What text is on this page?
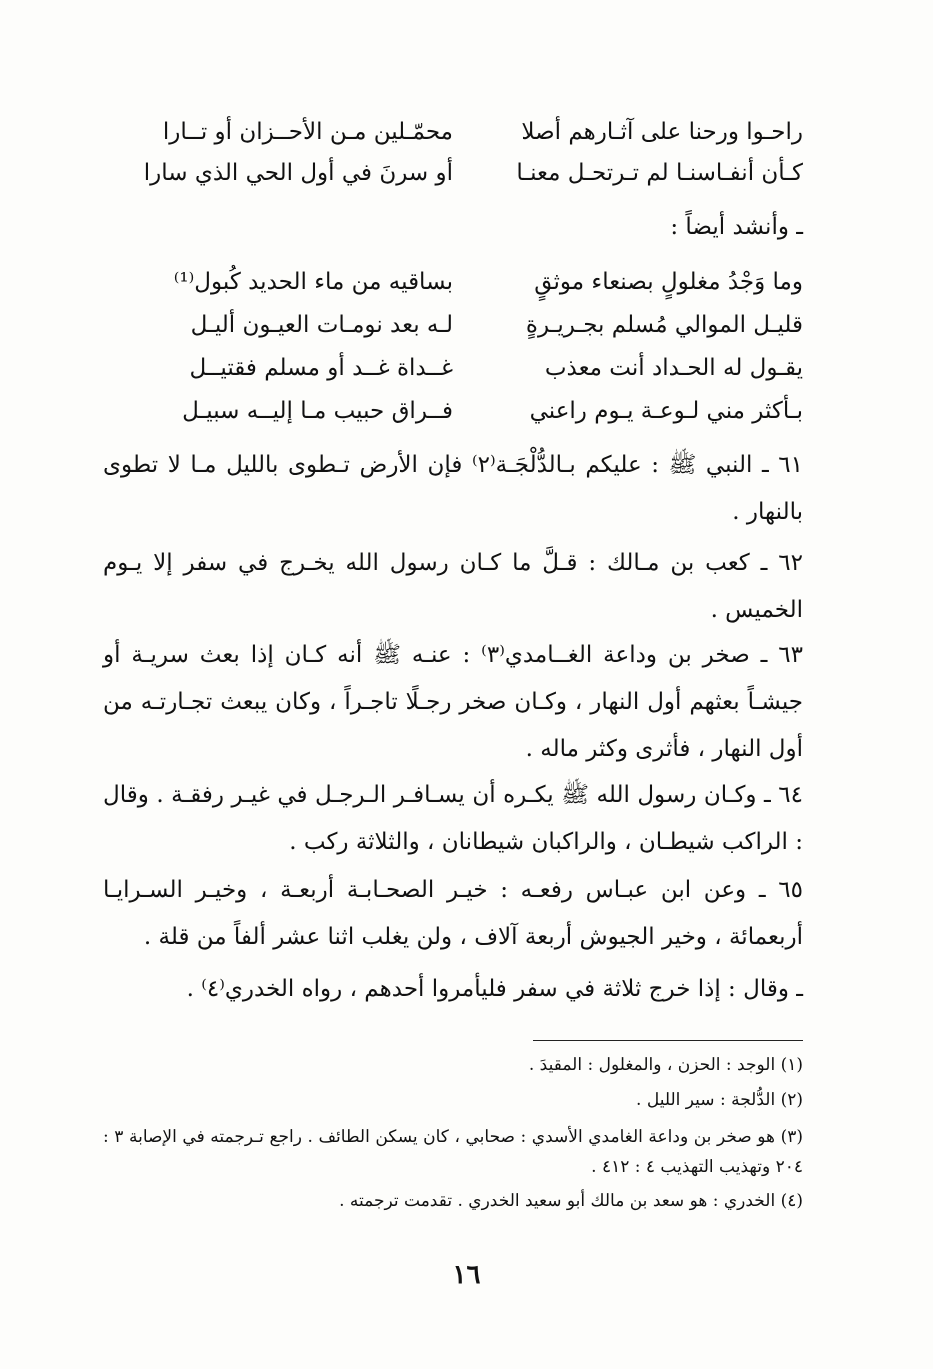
راحـوا ورحنا على آثـارهم أصلا
محمّـلين مـن الأحــزان أو تــارا
كـأن أنفـاسنـا لم تـرتحـل معنـا
أو سرنَ في أول الحي الذي سارا
ـ وأنشد أيضاً :
وما وَجْدُ مغلولٍ بصنعاء موثقٍ
بساقيه من ماء الحديد كُبول⁽¹⁾
قليـل الموالي مُسلم بجـريـرةٍ
لـه بعد نومـات العيـون أليـل
يقـول له الحـداد أنت معذب
غــداة غــد أو مسلم فقتيــل
بـأكثر مني لـوعـة يـوم راعني
فــراق حبيب مـا إليــه سبيـل
٦١ ـ النبي ﷺ : عليكم بـالدُّلْجَـة⁽٢⁾ فإن الأرض تـطوى بالليل مـا لا تطوى بالنهار .
٦٢ ـ كعب بن مـالك : قـلَّ ما كـان رسول الله يخـرج في سفر إلا يـوم الخميس .
٦٣ ـ صخر بن وداعة الغــامدي⁽٣⁾ : عنـه ﷺ أنه كـان إذا بعث سريـة أو جيشـاً بعثهم أول النهار ، وكـان صخر رجـلًا تاجـراً ، وكان يبعث تجـارتـه من أول النهار ، فأثرى وكثر ماله .
٦٤ ـ وكـان رسول الله ﷺ يكـره أن يسـافـر الـرجـل في غيـر رفقـة . وقال : الراكب شيطـان ، والراكبان شيطانان ، والثلاثة ركب .
٦٥ ـ وعن ابن عبـاس رفعـه : خيـر الصحـابـة أربعـة ، وخيـر السـرايـا أربعمائة ، وخير الجيوش أربعة آلاف ، ولن يغلب اثنا عشر ألفاً من قلة .
ـ وقال : إذا خرج ثلاثة في سفر فليأمروا أحدهم ، رواه الخدري⁽٤⁾ .
(١) الوجد : الحزن ، والمغلول : المقيدَ .
(٢) الدُّلجة : سير الليل .
(٣) هو صخر بن وداعة الغامدي الأسدي : صحابي ، كان يسكن الطائف . راجع تـرجمته في الإصابة ٣ : ٢٠٤ وتهذيب التهذيب ٤ : ٤١٢ .
(٤) الخدري : هو سعد بن مالك أبو سعيد الخدري . تقدمت ترجمته .
١٦
